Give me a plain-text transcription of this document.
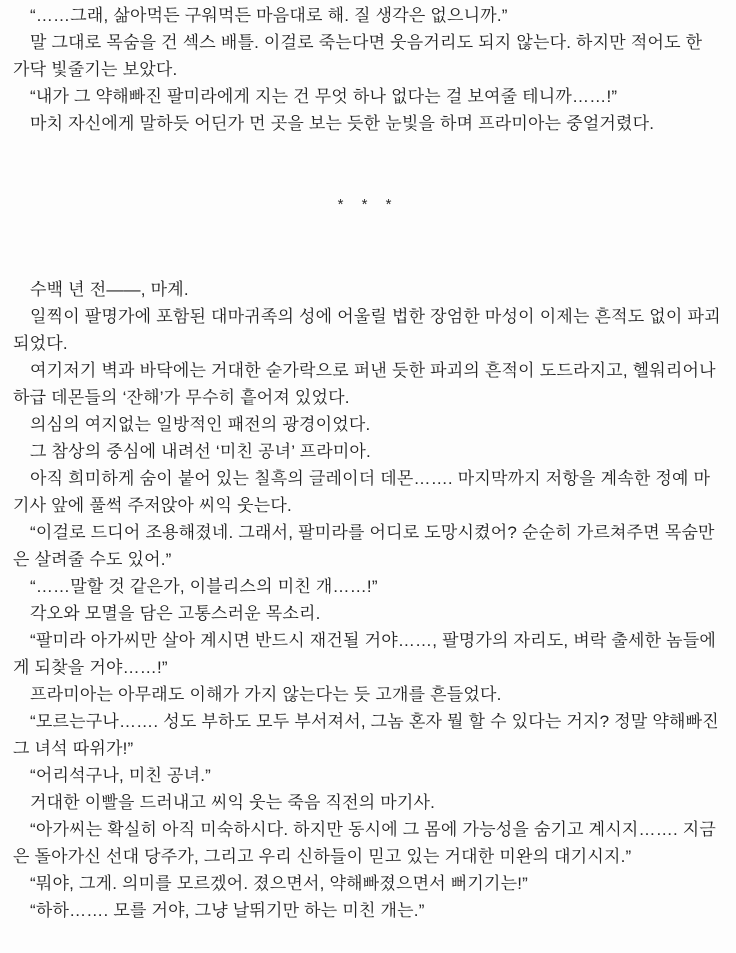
“……그래, 삶아먹든 구워먹든 마음대로 해. 질 생각은 없으니까.”

말 그대로 목숨을 건 섹스 배틀. 이걸로 죽는다면 웃음거리도 되지 않는다. 하지만 적어도 한 가닥 빛줄기는 보았다.

“내가 그 약해빠진 팔미라에게 지는 건 무엇 하나 없다는 걸 보여줄 테니까……!”

마치 자신에게 말하듯 어딘가 먼 곳을 보는 듯한 눈빛을 하며 프라미아는 중얼거렸다.

* * *

수백 년 전——, 마계.

일찍이 팔명가에 포함된 대마귀족의 성에 어울릴 법한 장엄한 마성이 이제는 흔적도 없이 파괴되었다.

여기저기 벽과 바닥에는 거대한 숟가락으로 퍼낸 듯한 파괴의 흔적이 도드라지고, 헬워리어나 하급 데몬들의 ‘잔해’가 무수히 흩어져 있었다.

의심의 여지없는 일방적인 패전의 광경이었다.

그 참상의 중심에 내려선 ‘미친 공녀’ 프라미아.

아직 희미하게 숨이 붙어 있는 칠흑의 글레이더 데몬……. 마지막까지 저항을 계속한 정예 마기사 앞에 풀썩 주저앉아 씨익 웃는다.

“이걸로 드디어 조용해졌네. 그래서, 팔미라를 어디로 도망시켰어? 순순히 가르쳐주면 목숨만은 살려줄 수도 있어.”

“……말할 것 같은가, 이블리스의 미친 개……!”

각오와 모멸을 담은 고통스러운 목소리.

“팔미라 아가씨만 살아 계시면 반드시 재건될 거야……, 팔명가의 자리도, 벼락 출세한 놈들에게 되찾을 거야……!”

프라미아는 아무래도 이해가 가지 않는다는 듯 고개를 흔들었다.

“모르는구나……. 성도 부하도 모두 부서져서, 그놈 혼자 뭘 할 수 있다는 거지? 정말 약해빠진 그 녀석 따위가!”

“어리석구나, 미친 공녀.”

거대한 이빨을 드러내고 씨익 웃는 죽음 직전의 마기사.

“아가씨는 확실히 아직 미숙하시다. 하지만 동시에 그 몸에 가능성을 숨기고 계시지……. 지금은 돌아가신 선대 당주가, 그리고 우리 신하들이 믿고 있는 거대한 미완의 대기시지.”

“뭐야, 그게. 의미를 모르겠어. 졌으면서, 약해빠졌으면서 뻐기기는!”

“하하……. 모를 거야, 그냥 날뛰기만 하는 미친 개는.”
